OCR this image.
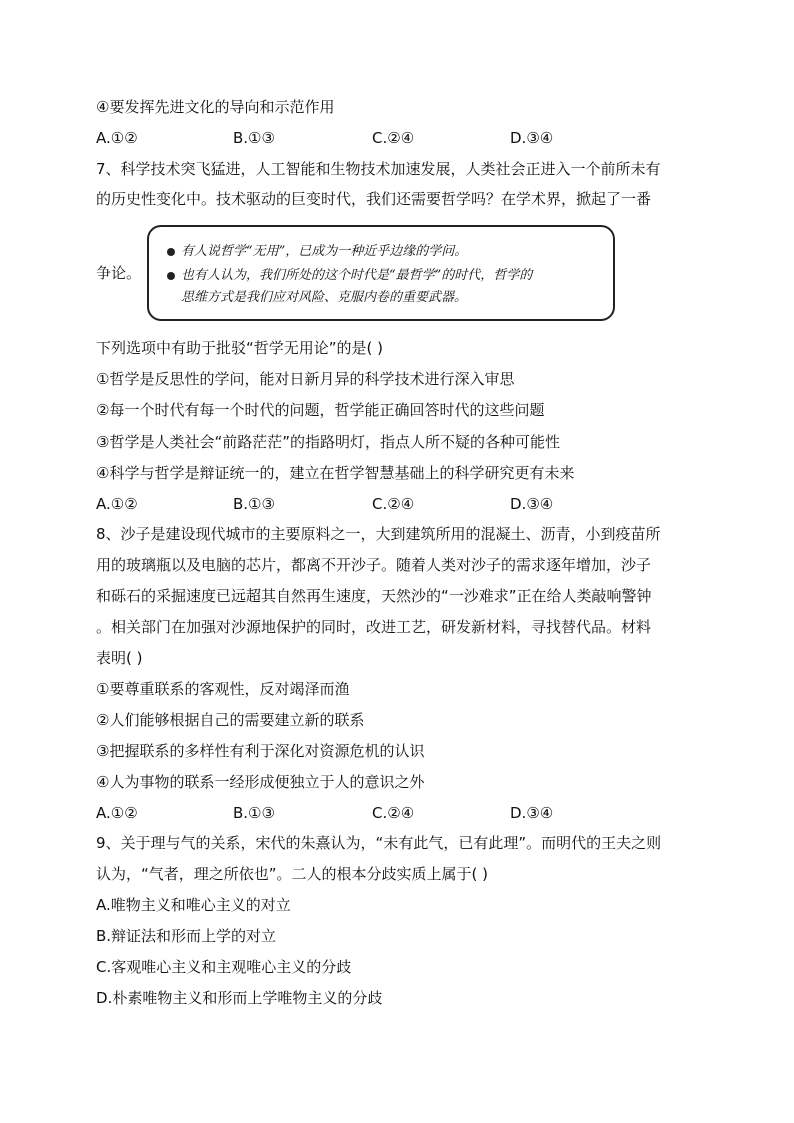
④要发挥先进文化的导向和示范作用
A.①②	B.①③	C.②④	D.③④
7、科学技术突飞猛进，人工智能和生物技术加速发展，人类社会正进入一个前所未有
的历史性变化中。技术驱动的巨变时代，我们还需要哲学吗？在学术界，掀起了一番
争论。
有人说哲学“无用”，已成为一种近乎边缘的学问。
也有人认为，我们所处的这个时代是“最哲学”的时代，哲学的
思维方式是我们应对风险、克服内卷的重要武器。
下列选项中有助于批驳“哲学无用论”的是( )
①哲学是反思性的学问，能对日新月异的科学技术进行深入审思
②每一个时代有每一个时代的问题，哲学能正确回答时代的这些问题
③哲学是人类社会“前路茫茫”的指路明灯，指点人所不疑的各种可能性
④科学与哲学是辩证统一的，建立在哲学智慧基础上的科学研究更有未来
A.①②	B.①③	C.②④	D.③④
8、沙子是建设现代城市的主要原料之一，大到建筑所用的混凝土、沥青，小到疫苗所
用的玻璃瓶以及电脑的芯片，都离不开沙子。随着人类对沙子的需求逐年增加，沙子
和砾石的采掘速度已远超其自然再生速度，天然沙的“一沙难求”正在给人类敲响警钟
。相关部门在加强对沙源地保护的同时，改进工艺，研发新材料，寻找替代品。材料
表明( )
①要尊重联系的客观性，反对竭泽而渔
②人们能够根据自己的需要建立新的联系
③把握联系的多样性有利于深化对资源危机的认识
④人为事物的联系一经形成便独立于人的意识之外
A.①②	B.①③	C.②④	D.③④
9、关于理与气的关系，宋代的朱熹认为，“未有此气，已有此理”。而明代的王夫之则
认为，“气者，理之所依也”。二人的根本分歧实质上属于( )
A.唯物主义和唯心主义的对立
B.辩证法和形而上学的对立
C.客观唯心主义和主观唯心主义的分歧
D.朴素唯物主义和形而上学唯物主义的分歧
